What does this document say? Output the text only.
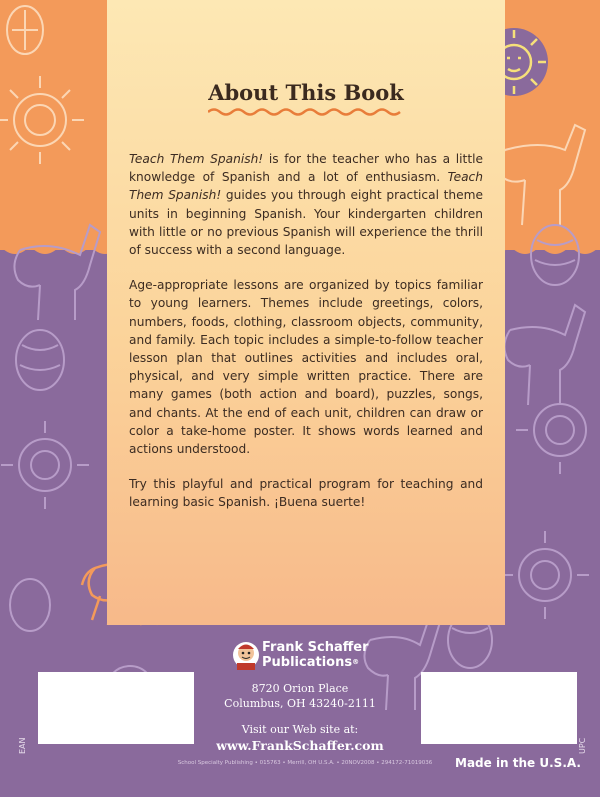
About This Book

Teach Them Spanish! is for the teacher who has a little knowledge of Spanish and a lot of enthusiasm. Teach Them Spanish! guides you through eight practical theme units in beginning Spanish. Your kindergarten children with little or no previous Spanish will experience the thrill of success with a second language.

Age-appropriate lessons are organized by topics familiar to young learners. Themes include greetings, colors, numbers, foods, clothing, classroom objects, community, and family. Each topic includes a simple-to-follow teacher lesson plan that outlines activities and includes oral, physical, and very simple written practice. There are many games (both action and board), puzzles, songs, and chants. At the end of each unit, children can draw or color a take-home poster. It shows words learned and actions understood.

Try this playful and practical program for teaching and learning basic Spanish. ¡Buena suerte!

Frank Schaffer
Publications®
8720 Orion Place
Columbus, OH 43240-2111
Visit our Web site at:
www.FrankSchaffer.com
School Specialty Publishing • 015763 • Merrill, OH U.S.A. • 20NOV2008 • 294172-71019036
EAN	UPC
Made in the U.S.A.
